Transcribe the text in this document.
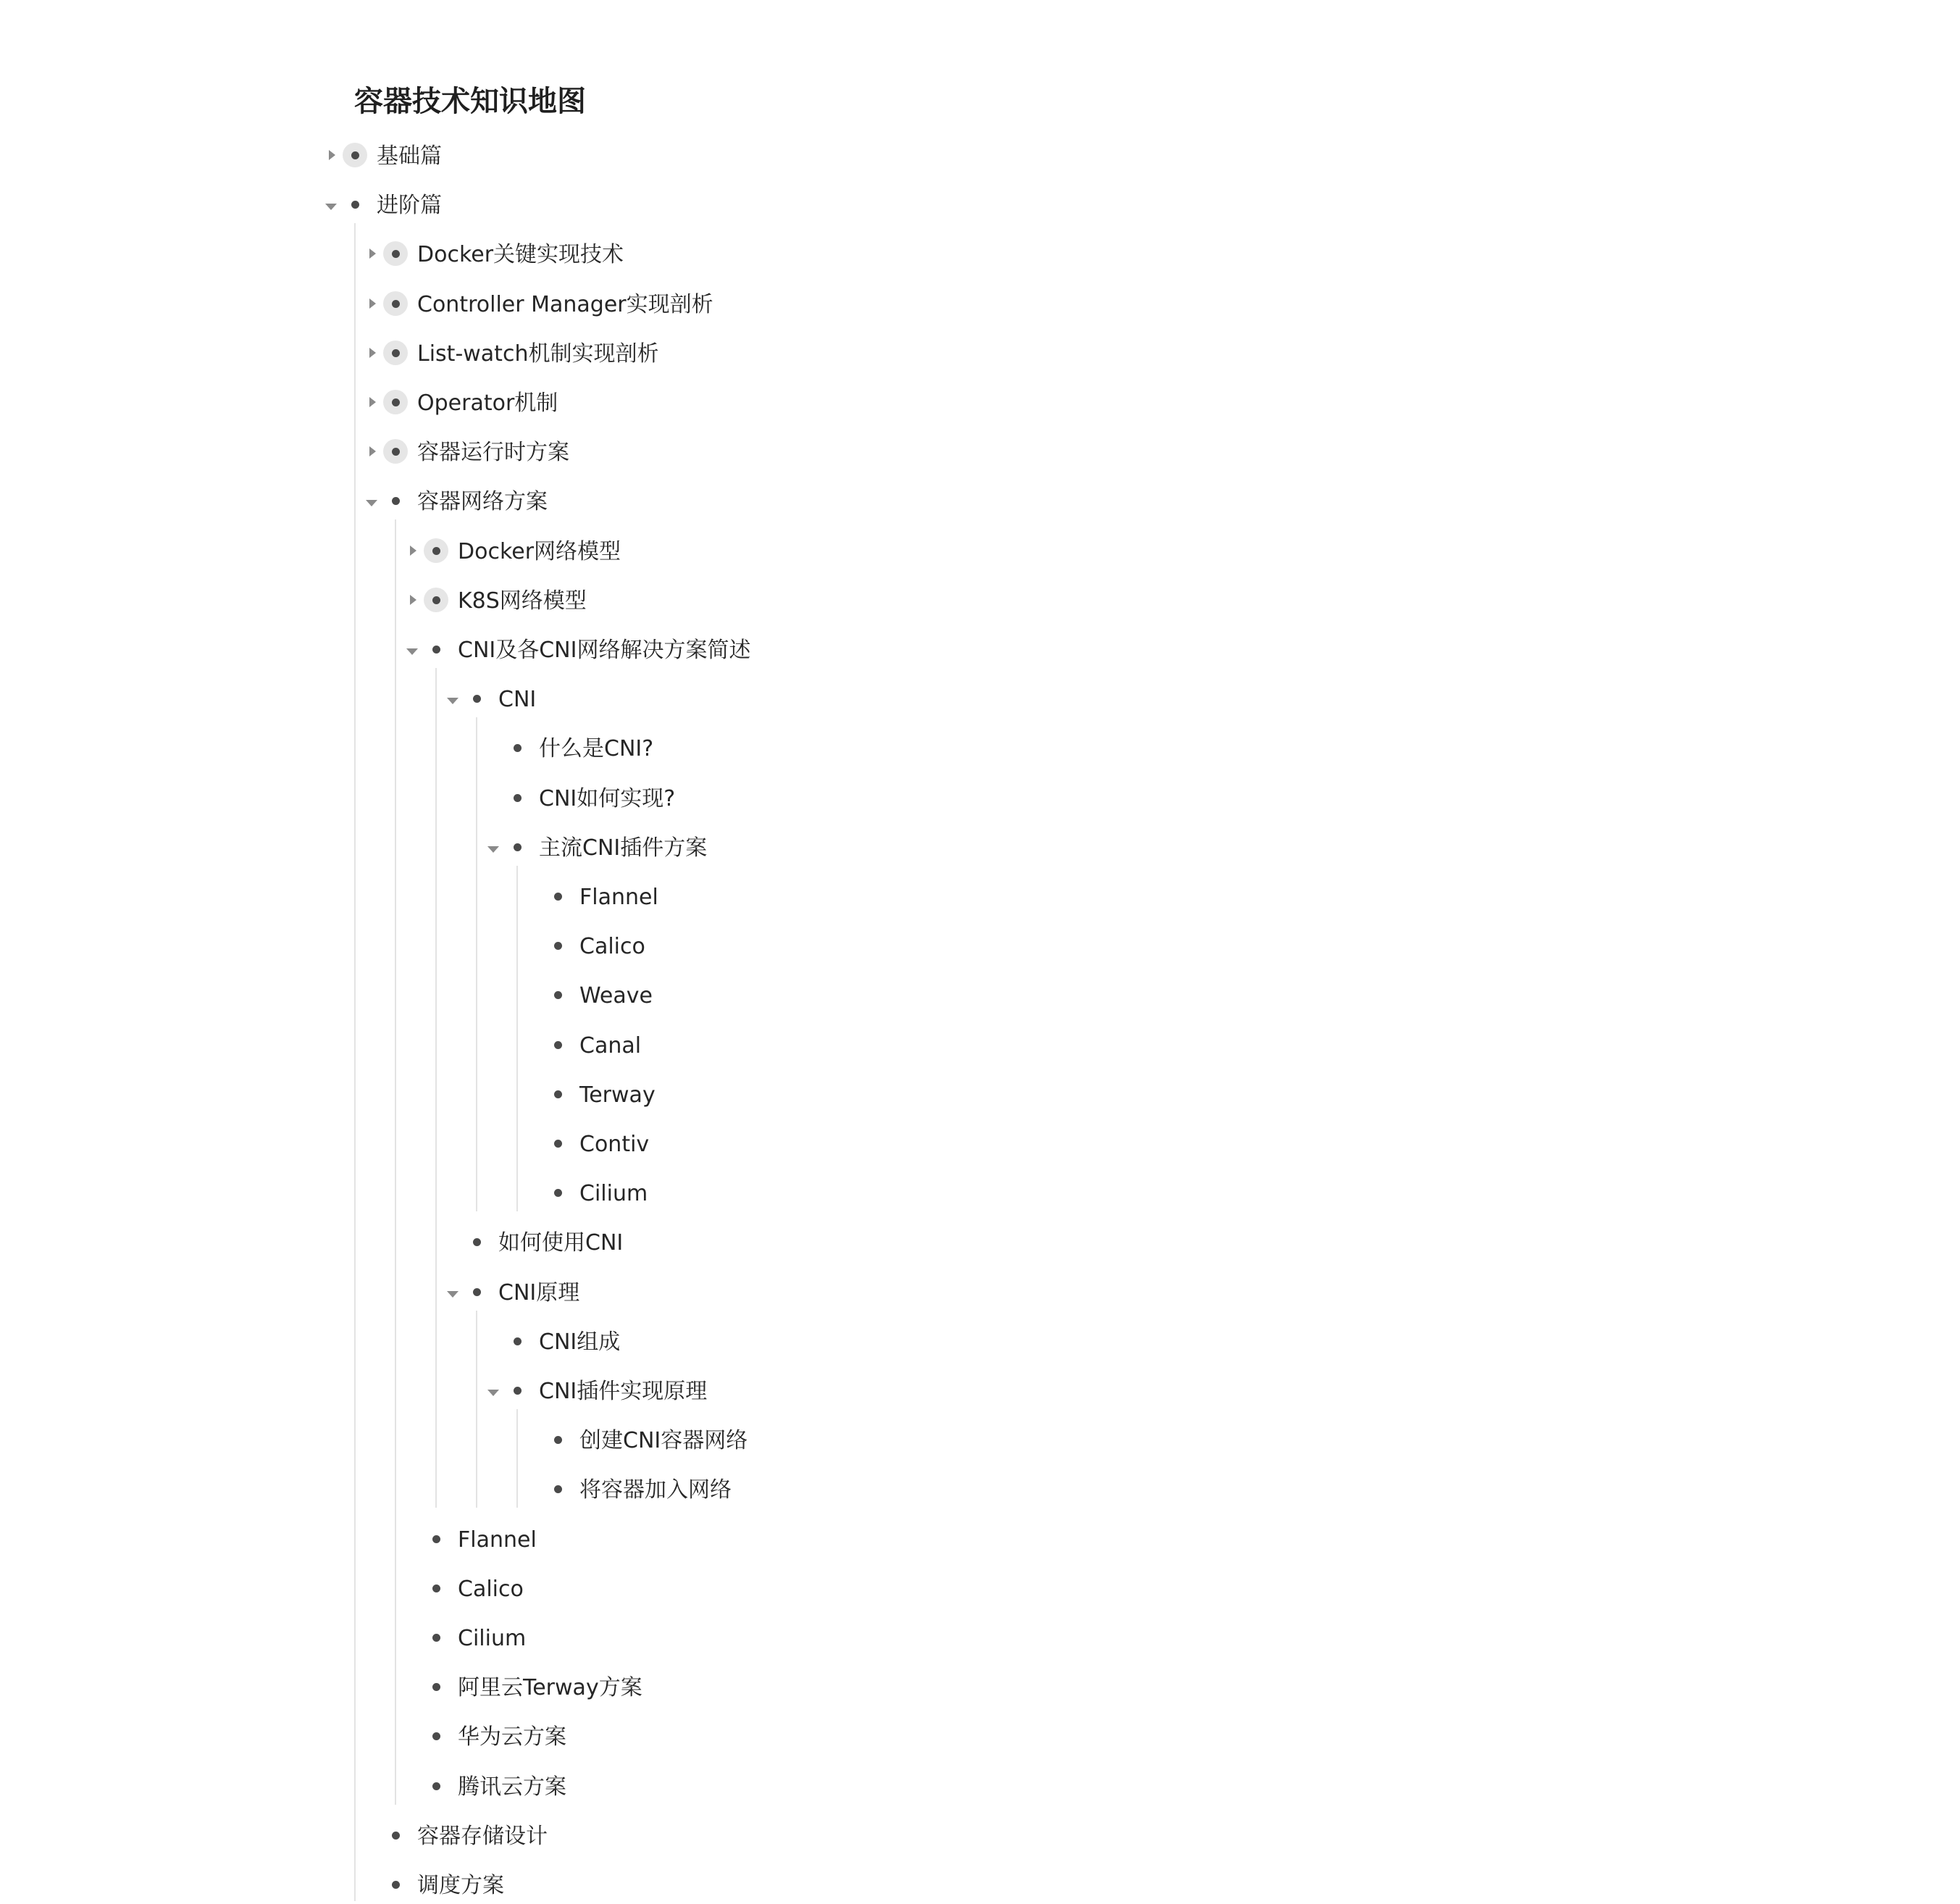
容器技术知识地图
基础篇
进阶篇
Docker关键实现技术
Controller Manager实现剖析
List-watch机制实现剖析
Operator机制
容器运行时方案
容器网络方案
Docker网络模型
K8S网络模型
CNI及各CNI网络解决方案简述
CNI
什么是CNI?
CNI如何实现?
主流CNI插件方案
Flannel
Calico
Weave
Canal
Terway
Contiv
Cilium
如何使用CNI
CNI原理
CNI组成
CNI插件实现原理
创建CNI容器网络
将容器加入网络
Flannel
Calico
Cilium
阿里云Terway方案
华为云方案
腾讯云方案
容器存储设计
调度方案
